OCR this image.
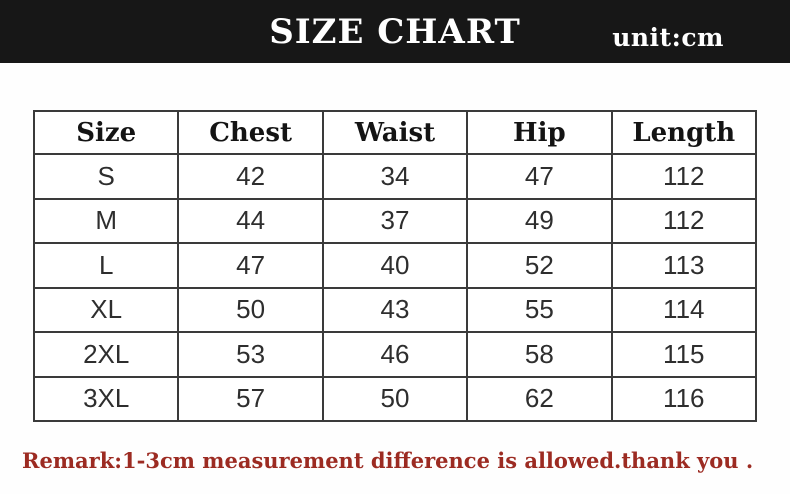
SIZE CHART	unit:cm
Size	Chest	Waist	Hip	Length
S	42	34	47	112
M	44	37	49	112
L	47	40	52	113
XL	50	43	55	114
2XL	53	46	58	115
3XL	57	50	62	116
Remark:1-3cm measurement difference is allowed.thank you .
